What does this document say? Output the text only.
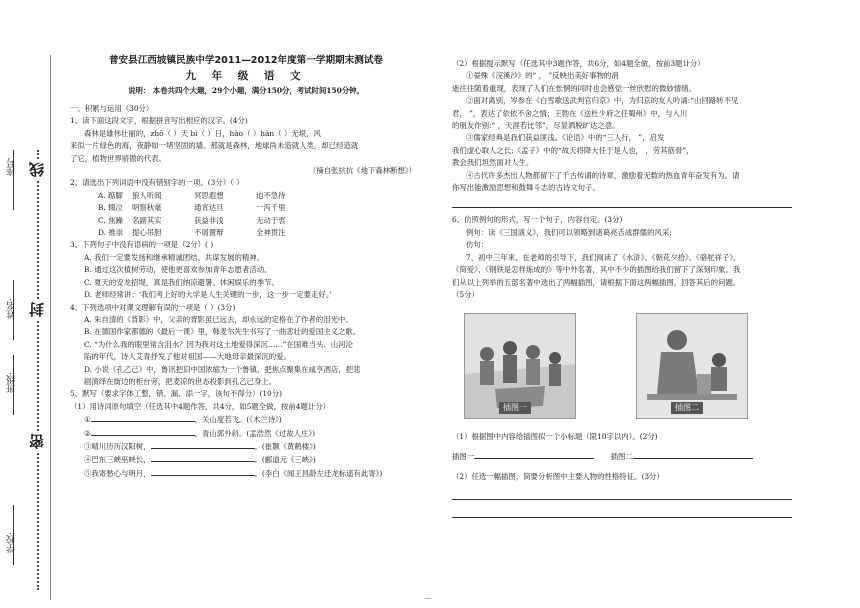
座号
姓名:
班级:
学校:
线
封
密
普安县江西坡镇民族中学2011—2012年度第一学期期末测试卷
九 年 级 语 文
说明： 本卷共四个大题，29个小题，满分150分，考试时间150分钟。

一、积累与运用（30分）

1、读下面这段文字，根据拼音写出相应的汉字。(4分)

森林是雄伟壮丽的，zhǒ（ ）天 bì（ ）日，hào（ ）hàn（ ）无垠，风

来似一片绿色的海，夜静如一堵坚固的墙。那就是森林，地球尚未造就人类，却已经造就

了它，植物世界骄傲的代表。

（摘自张抗抗《地下森林断想》）

2、请选出下列词语中没有错别字的一项。(3分）（ ）

A. 踮脚 狼人听闻	冥思遐想	迫不急待

B. 辍泣 明察秋毫	通宵达旦	一泻千里

C. 焦躁 名副其实	获益非浅	无动于衷

D. 推崇 提心吊胆	不屑置辩	全神贯注

3、下列句子中没有语病的一项是（2分）( )

A. 我们一定要发扬和继承精诚团结、共谋发展的精神。

B. 通过这次植树劳动，使他更喜欢参加青年志愿者活动。

C. 夏天的安龙招堤，真是我们纳凉避暑、休闲娱乐的季节。

D. 老师经常讲：‘我们考上好的大学是人生关键的一步，这一步一定要走好。’

4、下列选项中对课文理解有误的一项是（ ）(3分)

A. 朱自清的《背影》中，父亲的背影虽已远去，却永远的定格在了作者的泪光中。

B. 在德国作家都德的《最后一课》里，韩麦尔先生书写了一曲悲壮的爱国主义之歌。

C. “为什么我的眼里常含泪水？因为我对这土地爱得深沉……”在国难当头、山河沦

陷的年代，诗人艾青抒发了他对祖国——大地母亲最深沉的爱。

D. 小说《孔乙己》中，鲁讯把旧中国浓缩为一个鲁镇，把焦点聚集在咸亨酒店，把悲

剧演绎在街边的柜台旁，把麦凉的世态投影到孔乙己身上。

5、默写（要求字体工整，错、漏、添一字，该句不得分）(10分)

（1）用诗词原句填空（任选其中4题作答，共4分，如5题全做，按前4题计分）

①	，关山度若飞。(《木兰诗》)

②	，青山郭外斜。(孟浩然《过故人庄》)

③晴川历历汉阳树，	。(崔颢《黄鹤楼》)

④巴东三峡巫峡长，	。(郦道元《三峡》)

⑤我寄愁心与明月，	。(李白《闻王昌龄左迁龙标遥有此寄》)

（2）根据提示默写（任选其中3题作答，共6分，如4题全做，按前3题计分）

①晏殊《浣溪沙》的“ ， ”反映出美好事物的消

逝往往随着重现，表现了人们在怅惘的同时也会感觉一丝欣慰的微妙情绪。

②面对离别，岑参在《白雪歌送武判官归京》中，为归京的友人吟诵:“山回路转不见

君， ”，表达了依依不舍之情；王勃在《送杜少府之任蜀州》中，与入川

的朋友作别:“ ，天涯若比邻”，尽显洒脱旷达之意。

③儒家经典是我们获益匪浅。《论语》中的“三人行， ”，启发

我们虚心取人之长;《孟子》中的“故天将降大任于是人也， ，劳其筋骨”，

教会我们坦然面对人生。

④古代许多杰出人物都留下了千古传诵的诗章，激励着无数的热血青年奋发有为。请

你写出能激励思想和鼓舞斗志的古诗文句子。

6、仿照例句的形式，写一个句子，内容自定。(3分)

例句：读《三国演义》，我们可以领略到诸葛亮舌战群儒的风采;

仿句：

7、初中三年来，在老师的引导下，我们阅读了《水浒》、《朝花夕拾》、《骆驼祥子》、

《简爱》、《钢铁是怎样炼成的》等中外名著，其中不少的插图给我们留下了深刻印象。我

们从以上列举的五部名著中选出了两幅插图，请根据下面这两幅插图，回答其后的问题。

（5分）

插图一	插图二

（1）根据图中内容给插图拟一个小标题（限10字以内）。(2分)

插图一	插图二

（2）任选一幅插图，简要分析图中主要人物的性格特征。(3分）

—
